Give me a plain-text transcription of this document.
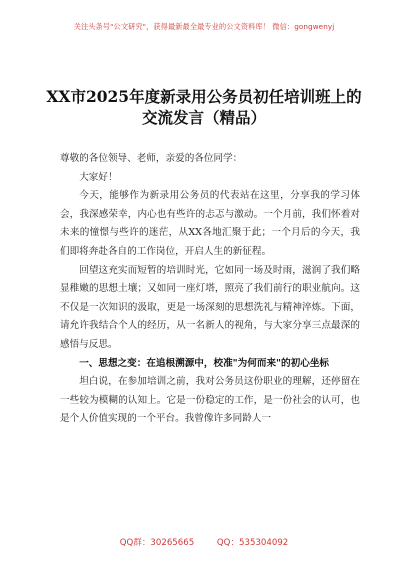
关注头条号"公文研究"，获得最新最全最专业的公文资料库！ 微信：gongwenyj
XX市2025年度新录用公务员初任培训班上的交流发言（精品）

尊敬的各位领导、老师，亲爱的各位同学：

大家好！

今天，能够作为新录用公务员的代表站在这里，分享我的学习体会，我深感荣幸，内心也有些许的忐忑与激动。一个月前，我们怀着对未来的憧憬与些许的迷茫，从XX各地汇聚于此；一个月后的今天，我们即将奔赴各自的工作岗位，开启人生的新征程。

回望这充实而短暂的培训时光，它如同一场及时雨，滋润了我们略显稚嫩的思想土壤；又如同一座灯塔，照亮了我们前行的职业航向。这不仅是一次知识的汲取，更是一场深刻的思想洗礼与精神淬炼。下面，请允许我结合个人的经历，从一名新人的视角，与大家分享三点最深的感悟与反思。

一、思想之变：在追根溯源中，校准"为何而来"的初心坐标

坦白说，在参加培训之前，我对公务员这份职业的理解，还停留在一些较为模糊的认知上。它是一份稳定的工作，是一份社会的认可，也是个人价值实现的一个平台。我曾像许多同龄人一

QQ群：30265665	QQ：535304092
